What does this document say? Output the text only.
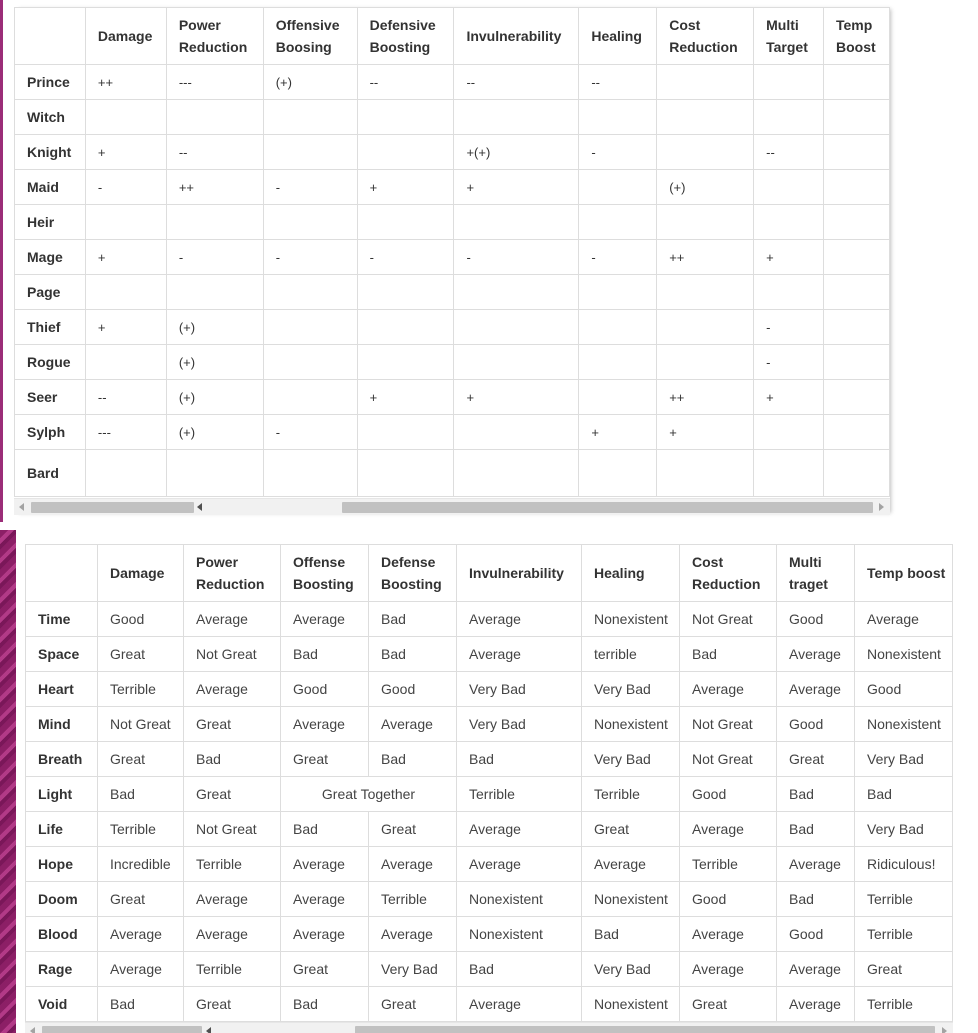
	Damage	Power Reduction	Offensive Boosing	Defensive Boosting	Invulnerability	Healing	Cost Reduction	Multi Target	Temp Boost
Prince	++	---	(+)	--	--	--			
Witch									
Knight	+	--			+(+)	-		--	
Maid	-	++	-	+	+		(+)		
Heir									
Mage	+	-	-	-	-	-	++	+	
Page									
Thief	+	(+)						-	
Rogue		(+)						-	
Seer	--	(+)		+	+		++	+	
Sylph	---	(+)	-			+	+		
Bard									
	Damage	Power Reduction	Offense Boosting	Defense Boosting	Invulnerability	Healing	Cost Reduction	Multi traget	Temp boost
Time	Good	Average	Average	Bad	Average	Nonexistent	Not Great	Good	Average
Space	Great	Not Great	Bad	Bad	Average	terrible	Bad	Average	Nonexistent
Heart	Terrible	Average	Good	Good	Very Bad	Very Bad	Average	Average	Good
Mind	Not Great	Great	Average	Average	Very Bad	Nonexistent	Not Great	Good	Nonexistent
Breath	Great	Bad	Great	Bad	Bad	Very Bad	Not Great	Great	Very Bad
Light	Bad	Great	Great Together		Terrible	Terrible	Good	Bad	Bad
Life	Terrible	Not Great	Bad	Great	Average	Great	Average	Bad	Very Bad
Hope	Incredible	Terrible	Average	Average	Average	Average	Terrible	Average	Ridiculous!
Doom	Great	Average	Average	Terrible	Nonexistent	Nonexistent	Good	Bad	Terrible
Blood	Average	Average	Average	Average	Nonexistent	Bad	Average	Good	Terrible
Rage	Average	Terrible	Great	Very Bad	Bad	Very Bad	Average	Average	Great
Void	Bad	Great	Bad	Great	Average	Nonexistent	Great	Average	Terrible
